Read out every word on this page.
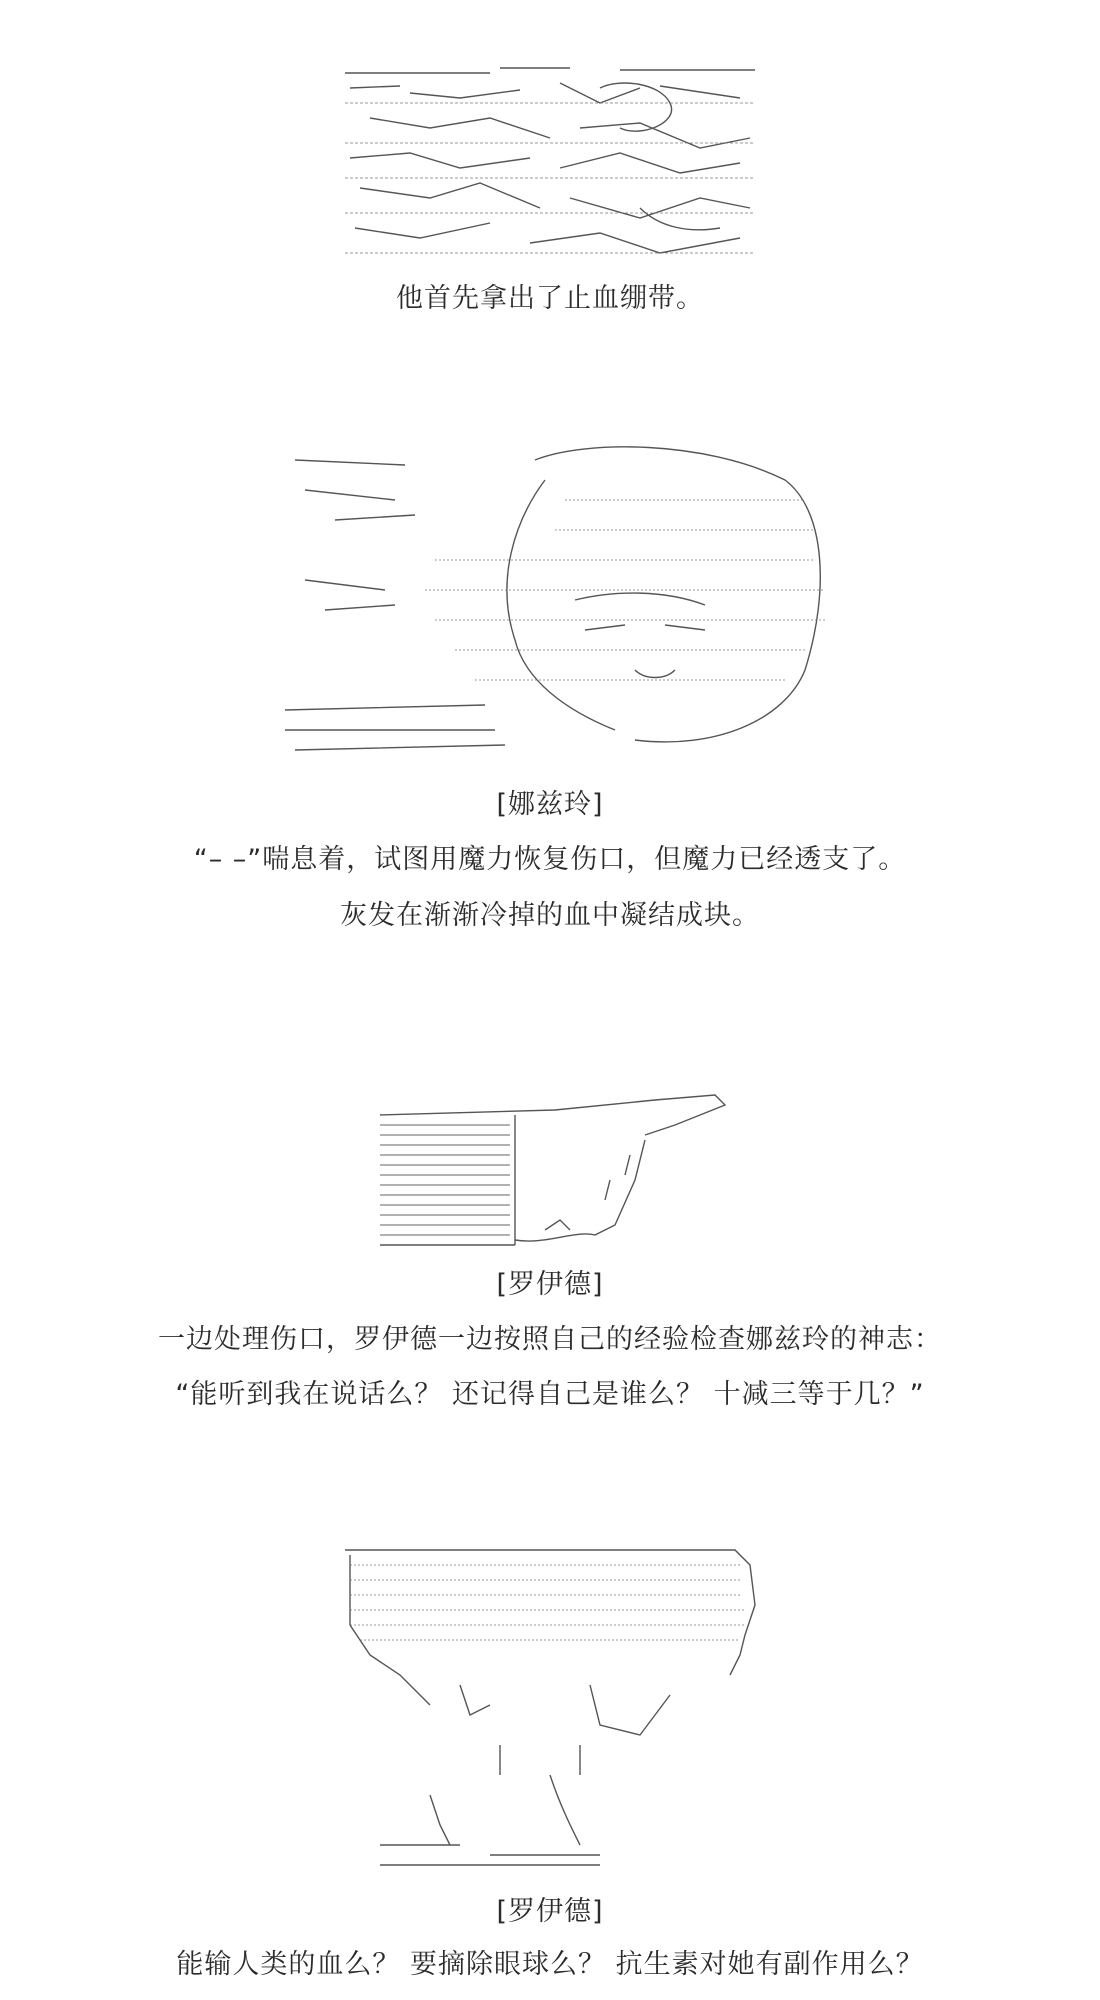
他首先拿出了止血绷带。
[娜兹玲]
“– –”喘息着，试图用魔力恢复伤口，但魔力已经透支了。
灰发在渐渐冷掉的血中凝结成块。
[罗伊德]
一边处理伤口，罗伊德一边按照自己的经验检查娜兹玲的神志：
“能听到我在说话么？ 还记得自己是谁么？ 十减三等于几？”
[罗伊德]
能输人类的血么？ 要摘除眼球么？ 抗生素对她有副作用么？
